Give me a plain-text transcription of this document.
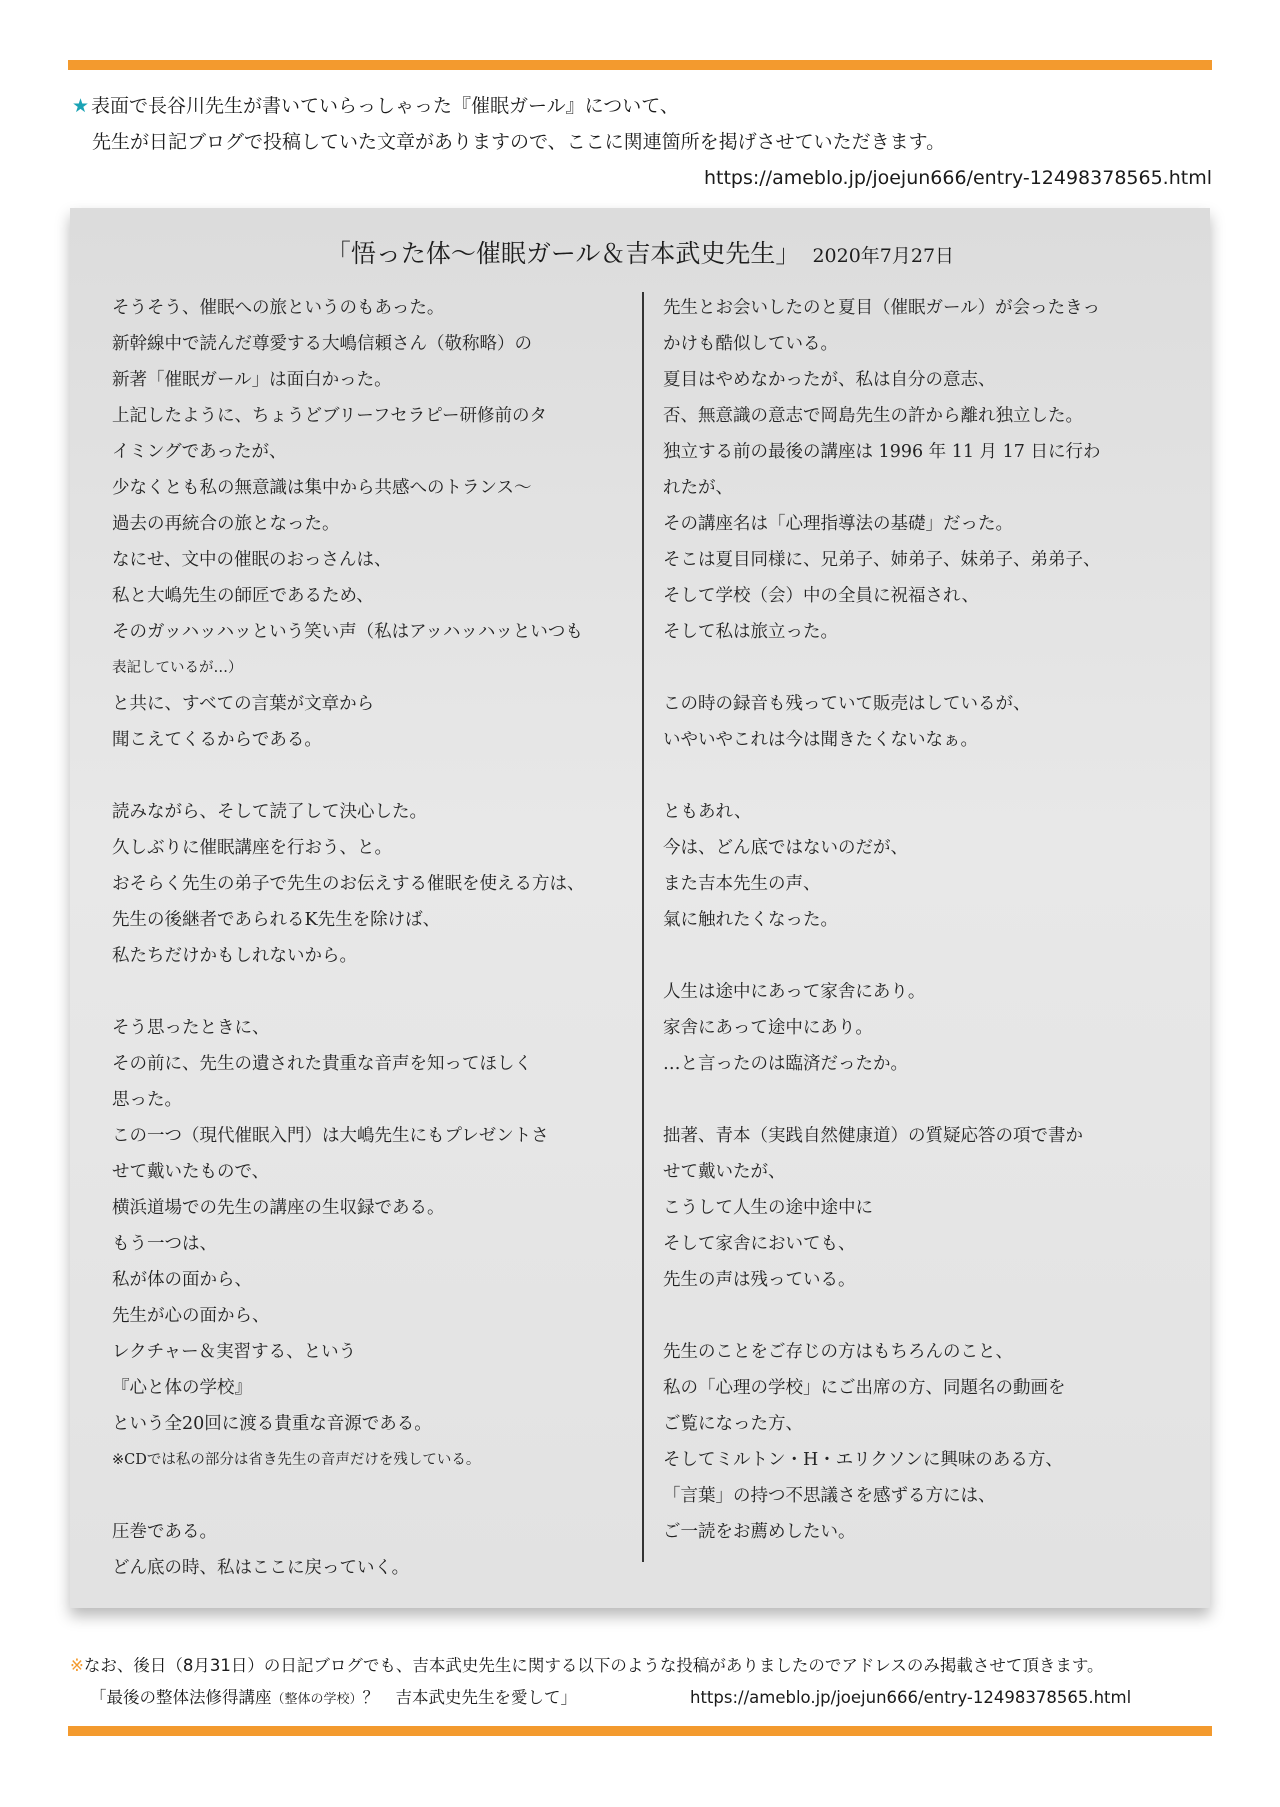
★ 表面で長谷川先生が書いていらっしゃった『催眠ガール』について、
先生が日記ブログで投稿していた文章がありますので、ここに関連箇所を掲げさせていただきます。
https://ameblo.jp/joejun666/entry-12498378565.html
「悟った体〜催眠ガール＆吉本武史先生」 2020年7月27日
そうそう、催眠への旅というのもあった。
新幹線中で読んだ尊愛する大嶋信頼さん（敬称略）の
新著「催眠ガール」は面白かった。
上記したように、ちょうどブリーフセラピー研修前のタ
イミングであったが、
少なくとも私の無意識は集中から共感へのトランス〜
過去の再統合の旅となった。
なにせ、文中の催眠のおっさんは、
私と大嶋先生の師匠であるため、
そのガッハッハッという笑い声（私はアッハッハッといつも
表記しているが…）
と共に、すべての言葉が文章から
聞こえてくるからである。

読みながら、そして読了して決心した。
久しぶりに催眠講座を行おう、と。
おそらく先生の弟子で先生のお伝えする催眠を使える方は、
先生の後継者であられるK先生を除けば、
私たちだけかもしれないから。

そう思ったときに、
その前に、先生の遺された貴重な音声を知ってほしく
思った。
この一つ（現代催眠入門）は大嶋先生にもプレゼントさ
せて戴いたもので、
横浜道場での先生の講座の生収録である。
もう一つは、
私が体の面から、
先生が心の面から、
レクチャー＆実習する、という
『心と体の学校』
という全20回に渡る貴重な音源である。
※CDでは私の部分は省き先生の音声だけを残している。

圧巻である。
どん底の時、私はここに戻っていく。
先生とお会いしたのと夏目（催眠ガール）が会ったきっ
かけも酷似している。
夏目はやめなかったが、私は自分の意志、
否、無意識の意志で岡島先生の許から離れ独立した。
独立する前の最後の講座は 1996 年 11 月 17 日に行わ
れたが、
その講座名は「心理指導法の基礎」だった。
そこは夏目同様に、兄弟子、姉弟子、妹弟子、弟弟子、
そして学校（会）中の全員に祝福され、
そして私は旅立った。

この時の録音も残っていて販売はしているが、
いやいやこれは今は聞きたくないなぁ。

ともあれ、
今は、どん底ではないのだが、
また吉本先生の声、
氣に触れたくなった。

人生は途中にあって家舎にあり。
家舎にあって途中にあり。
…と言ったのは臨済だったか。

拙著、青本（実践自然健康道）の質疑応答の項で書か
せて戴いたが、
こうして人生の途中途中に
そして家舎においても、
先生の声は残っている。

先生のことをご存じの方はもちろんのこと、
私の「心理の学校」にご出席の方、同題名の動画を
ご覧になった方、
そしてミルトン・H・エリクソンに興味のある方、
「言葉」の持つ不思議さを感ずる方には、
ご一読をお薦めしたい。
※なお、後日（8月31日）の日記ブログでも、吉本武史先生に関する以下のような投稿がありましたのでアドレスのみ掲載させて頂きます。
「最後の整体法修得講座（整体の学校）？　吉本武史先生を愛して」	https://ameblo.jp/joejun666/entry-12498378565.html
